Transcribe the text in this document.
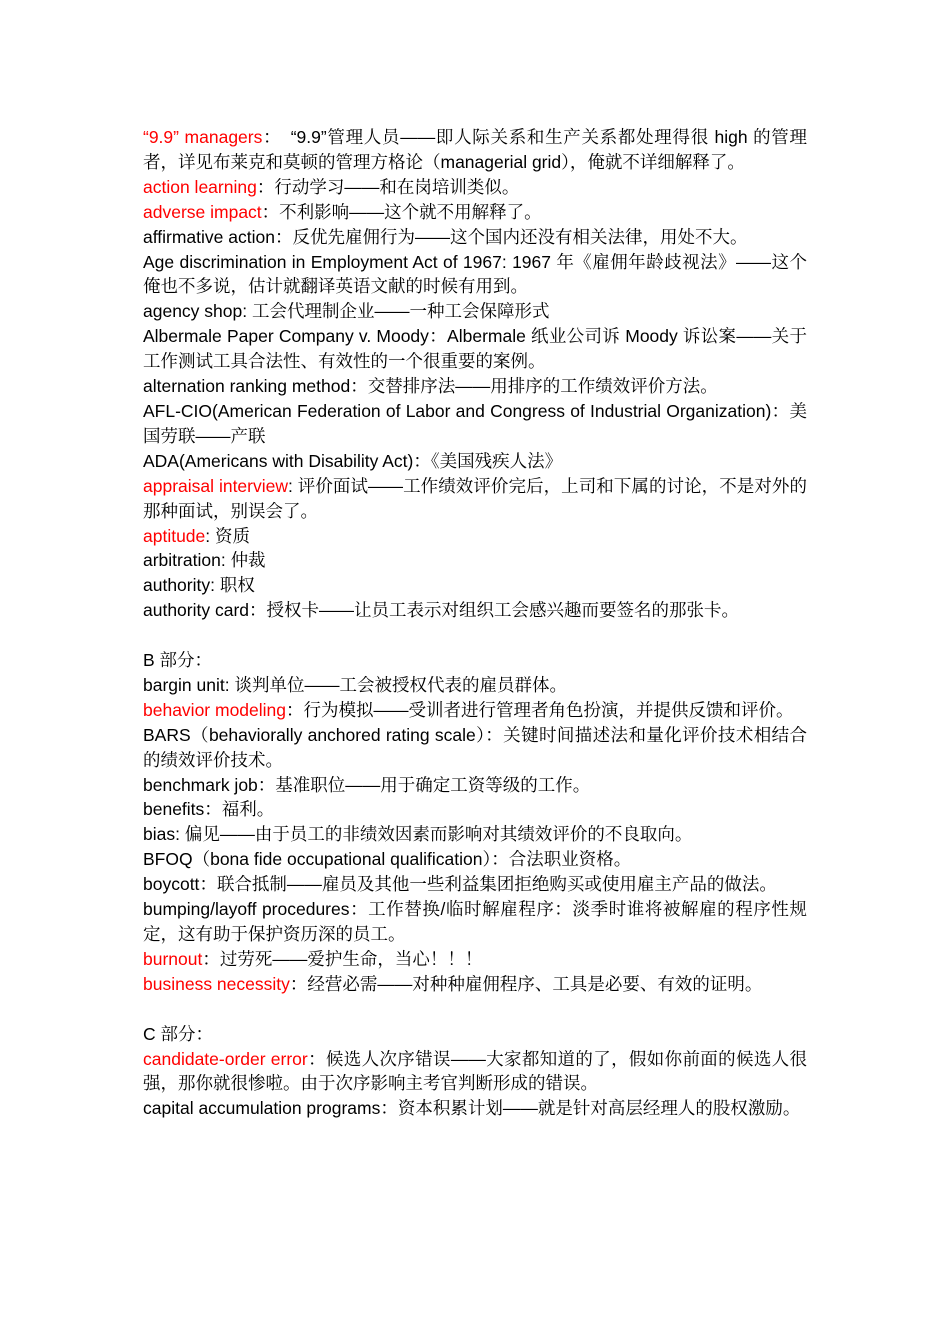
“9.9” managers：　“9.9”管理人员——即人际关系和生产关系都处理得很 high 的管理者，详见布莱克和莫顿的管理方格论（managerial grid），俺就不详细解释了。
action learning：行动学习——和在岗培训类似。
adverse impact：不利影响——这个就不用解释了。
affirmative action：反优先雇佣行为——这个国内还没有相关法律，用处不大。
Age discrimination in Employment Act of 1967: 1967 年《雇佣年龄歧视法》——这个俺也不多说，估计就翻译英语文献的时候有用到。
agency shop: 工会代理制企业——一种工会保障形式
Albermale Paper Company v. Moody：Albermale 纸业公司诉 Moody 诉讼案——关于工作测试工具合法性、有效性的一个很重要的案例。
alternation ranking method：交替排序法——用排序的工作绩效评价方法。
AFL-CIO(American Federation of Labor and Congress of Industrial Organization)：美国劳联——产联
ADA(Americans with Disability Act)：《美国残疾人法》
appraisal interview: 评价面试——工作绩效评价完后，上司和下属的讨论，不是对外的那种面试，别误会了。
aptitude: 资质
arbitration: 仲裁
authority: 职权
authority card：授权卡——让员工表示对组织工会感兴趣而要签名的那张卡。
B 部分：
bargin unit: 谈判单位——工会被授权代表的雇员群体。
behavior modeling：行为模拟——受训者进行管理者角色扮演，并提供反馈和评价。
BARS（behaviorally anchored rating scale）：关键时间描述法和量化评价技术相结合的绩效评价技术。
benchmark job：基准职位——用于确定工资等级的工作。
benefits：福利。
bias: 偏见——由于员工的非绩效因素而影响对其绩效评价的不良取向。
BFOQ（bona fide occupational qualification）：合法职业资格。
boycott：联合抵制——雇员及其他一些利益集团拒绝购买或使用雇主产品的做法。
bumping/layoff procedures：工作替换/临时解雇程序：淡季时谁将被解雇的程序性规定，这有助于保护资历深的员工。
burnout：过劳死——爱护生命，当心！！！
business necessity：经营必需——对种种雇佣程序、工具是必要、有效的证明。
C 部分：
candidate-order error：候选人次序错误——大家都知道的了，假如你前面的候选人很强，那你就很惨啦。由于次序影响主考官判断形成的错误。
capital accumulation programs：资本积累计划——就是针对高层经理人的股权激励。
